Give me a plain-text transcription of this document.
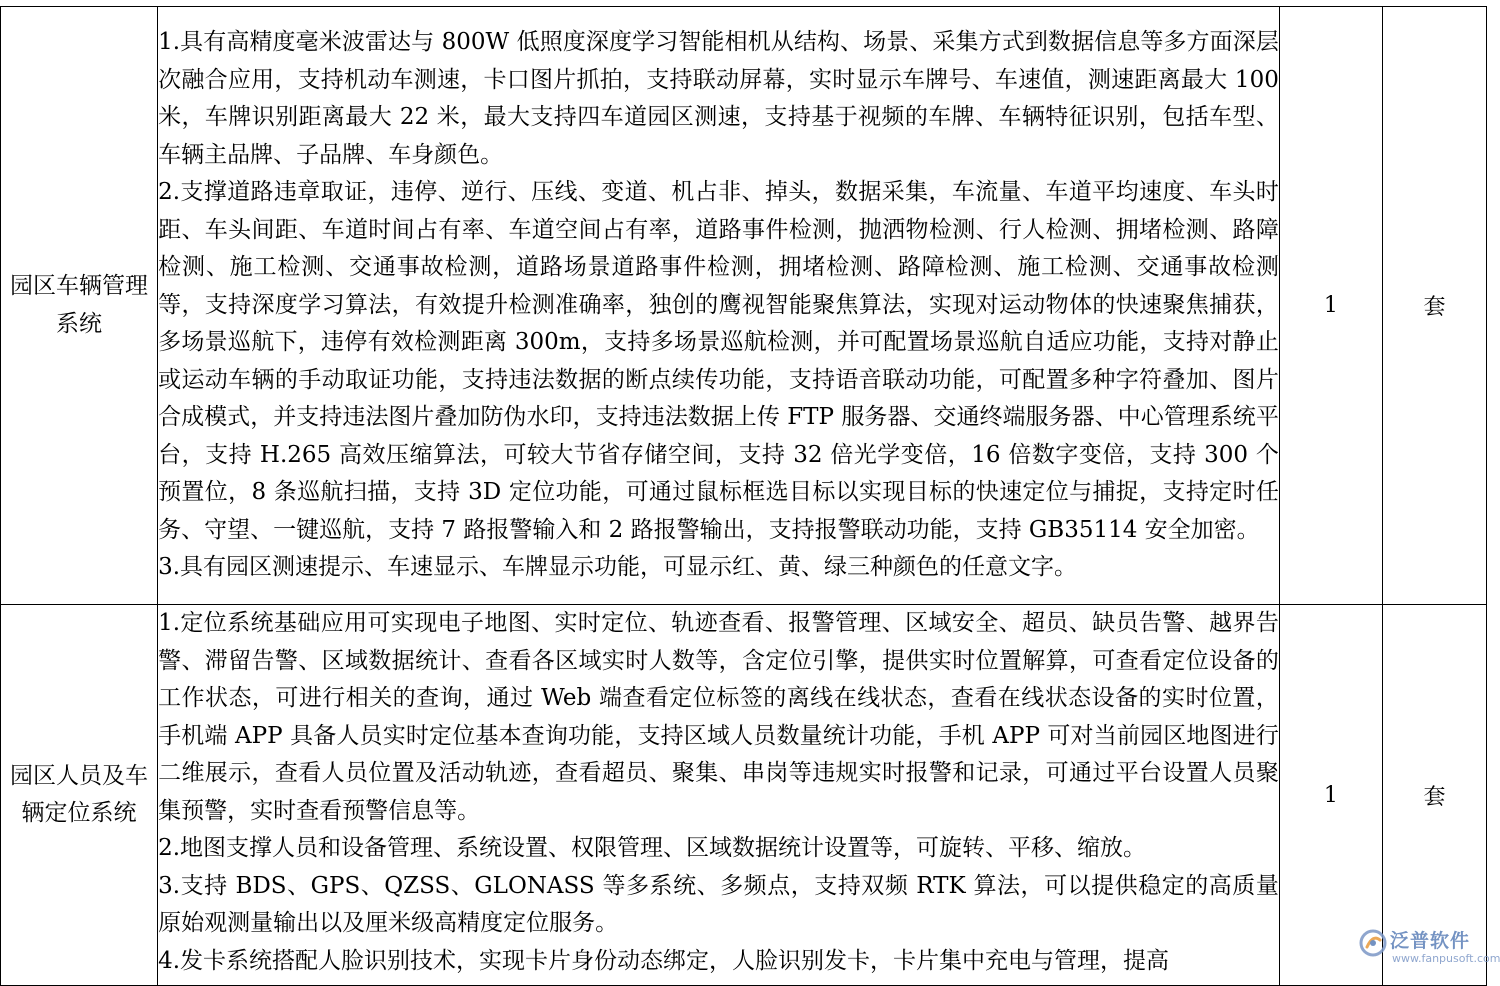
园区车辆管理系统	1.具有高精度毫米波雷达与 800W 低照度深度学习智能相机从结构、场景、采集方式到数据信息等多方面深层次融合应用，支持机动车测速，卡口图片抓拍，支持联动屏幕，实时显示车牌号、车速值，测速距离最大 100 米，车牌识别距离最大 22 米，最大支持四车道园区测速，支持基于视频的车牌、车辆特征识别，包括车型、车辆主品牌、子品牌、车身颜色。

2.支撑道路违章取证，违停、逆行、压线、变道、机占非、掉头，数据采集，车流量、车道平均速度、车头时距、车头间距、车道时间占有率、车道空间占有率，道路事件检测，抛洒物检测、行人检测、拥堵检测、路障检测、施工检测、交通事故检测，道路场景道路事件检测，拥堵检测、路障检测、施工检测、交通事故检测等，支持深度学习算法，有效提升检测准确率，独创的鹰视智能聚焦算法，实现对运动物体的快速聚焦捕获，多场景巡航下，违停有效检测距离 300m，支持多场景巡航检测，并可配置场景巡航自适应功能，支持对静止或运动车辆的手动取证功能，支持违法数据的断点续传功能，支持语音联动功能，可配置多种字符叠加、图片合成模式，并支持违法图片叠加防伪水印，支持违法数据上传 FTP 服务器、交通终端服务器、中心管理系统平台，支持 H.265 高效压缩算法，可较大节省存储空间，支持 32 倍光学变倍，16 倍数字变倍，支持 300 个预置位，8 条巡航扫描，支持 3D 定位功能，可通过鼠标框选目标以实现目标的快速定位与捕捉，支持定时任务、守望、一键巡航，支持 7 路报警输入和 2 路报警输出，支持报警联动功能，支持 GB35114 安全加密。

3.具有园区测速提示、车速显示、车牌显示功能，可显示红、黄、绿三种颜色的任意文字。	1	套

园区人员及车辆定位系统	1.定位系统基础应用可实现电子地图、实时定位、轨迹查看、报警管理、区域安全、超员、缺员告警、越界告警、滞留告警、区域数据统计、查看各区域实时人数等，含定位引擎，提供实时位置解算，可查看定位设备的工作状态，可进行相关的查询，通过 Web 端查看定位标签的离线在线状态，查看在线状态设备的实时位置，手机端 APP 具备人员实时定位基本查询功能，支持区域人员数量统计功能，手机 APP 可对当前园区地图进行二维展示，查看人员位置及活动轨迹，查看超员、聚集、串岗等违规实时报警和记录，可通过平台设置人员聚集预警，实时查看预警信息等。

2.地图支撑人员和设备管理、系统设置、权限管理、区域数据统计设置等，可旋转、平移、缩放。

3.支持 BDS、GPS、QZSS、GLONASS 等多系统、多频点，支持双频 RTK 算法，可以提供稳定的高质量原始观测量输出以及厘米级高精度定位服务。

4.发卡系统搭配人脸识别技术，实现卡片身份动态绑定，人脸识别发卡，卡片集中充电与管理，提高	1	套
泛普软件
www.fanpusoft.com
